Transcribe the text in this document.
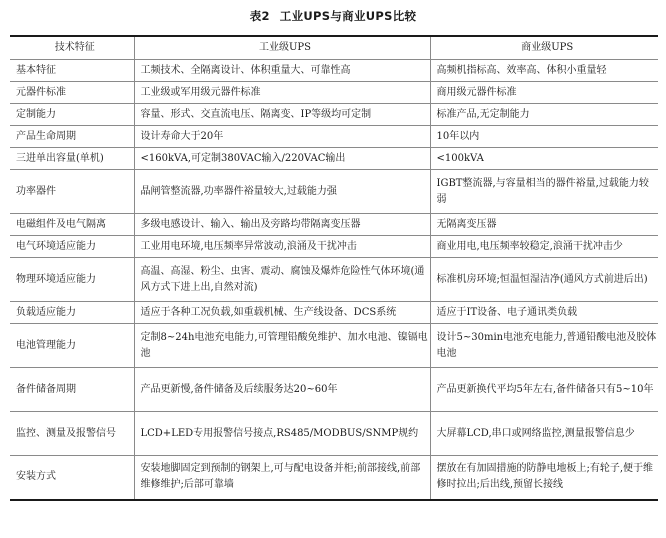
表2 工业UPS与商业UPS比较
技术特征	工业级UPS	商业级UPS
基本特征	工频技术、全隔离设计、体积重量大、可靠性高	高频机指标高、效率高、体积小重量轻
元器件标准	工业级或军用级元器件标准	商用级元器件标准
定制能力	容量、形式、交直流电压、隔离变、IP等级均可定制	标准产品,无定制能力
产品生命周期	设计寿命大于20年	10年以内
三进单出容量(单机)	<160kVA,可定制380VAC输入/220VAC输出	<100kVA
功率器件	晶闸管整流器,功率器件裕量较大,过载能力强	IGBT整流器,与容量相当的器件裕量,过载能力较弱
电磁组件及电气隔离	多级电感设计、输入、输出及旁路均带隔离变压器	无隔离变压器
电气环境适应能力	工业用电环境,电压频率异常波动,浪涌及干扰冲击	商业用电,电压频率较稳定,浪涌干扰冲击少
物理环境适应能力	高温、高湿、粉尘、虫害、震动、腐蚀及爆炸危险性气体环境(通风方式下进上出,自然对流)	标准机房环境;恒温恒湿洁净(通风方式前进后出)
负载适应能力	适应于各种工况负载,如重载机械、生产线设备、DCS系统	适应于IT设备、电子通讯类负载
电池管理能力	定制8~24h电池充电能力,可管理铅酸免维护、加水电池、镍镉电池	设计5~30min电池充电能力,普通铅酸电池及胶体电池
备件储备周期	产品更新慢,备件储备及后续服务达20~60年	产品更新换代平均5年左右,备件储备只有5~10年
监控、测量及报警信号	LCD+LED专用报警信号接点,RS485/MODBUS/SNMP规约	大屏幕LCD,串口或网络监控,测量报警信息少
安装方式	安装地脚固定到预制的钢架上,可与配电设备并柜;前部接线,前部维修维护;后部可靠墙	摆放在有加固措施的防静电地板上;有轮子,便于维修时拉出;后出线,预留长接线
